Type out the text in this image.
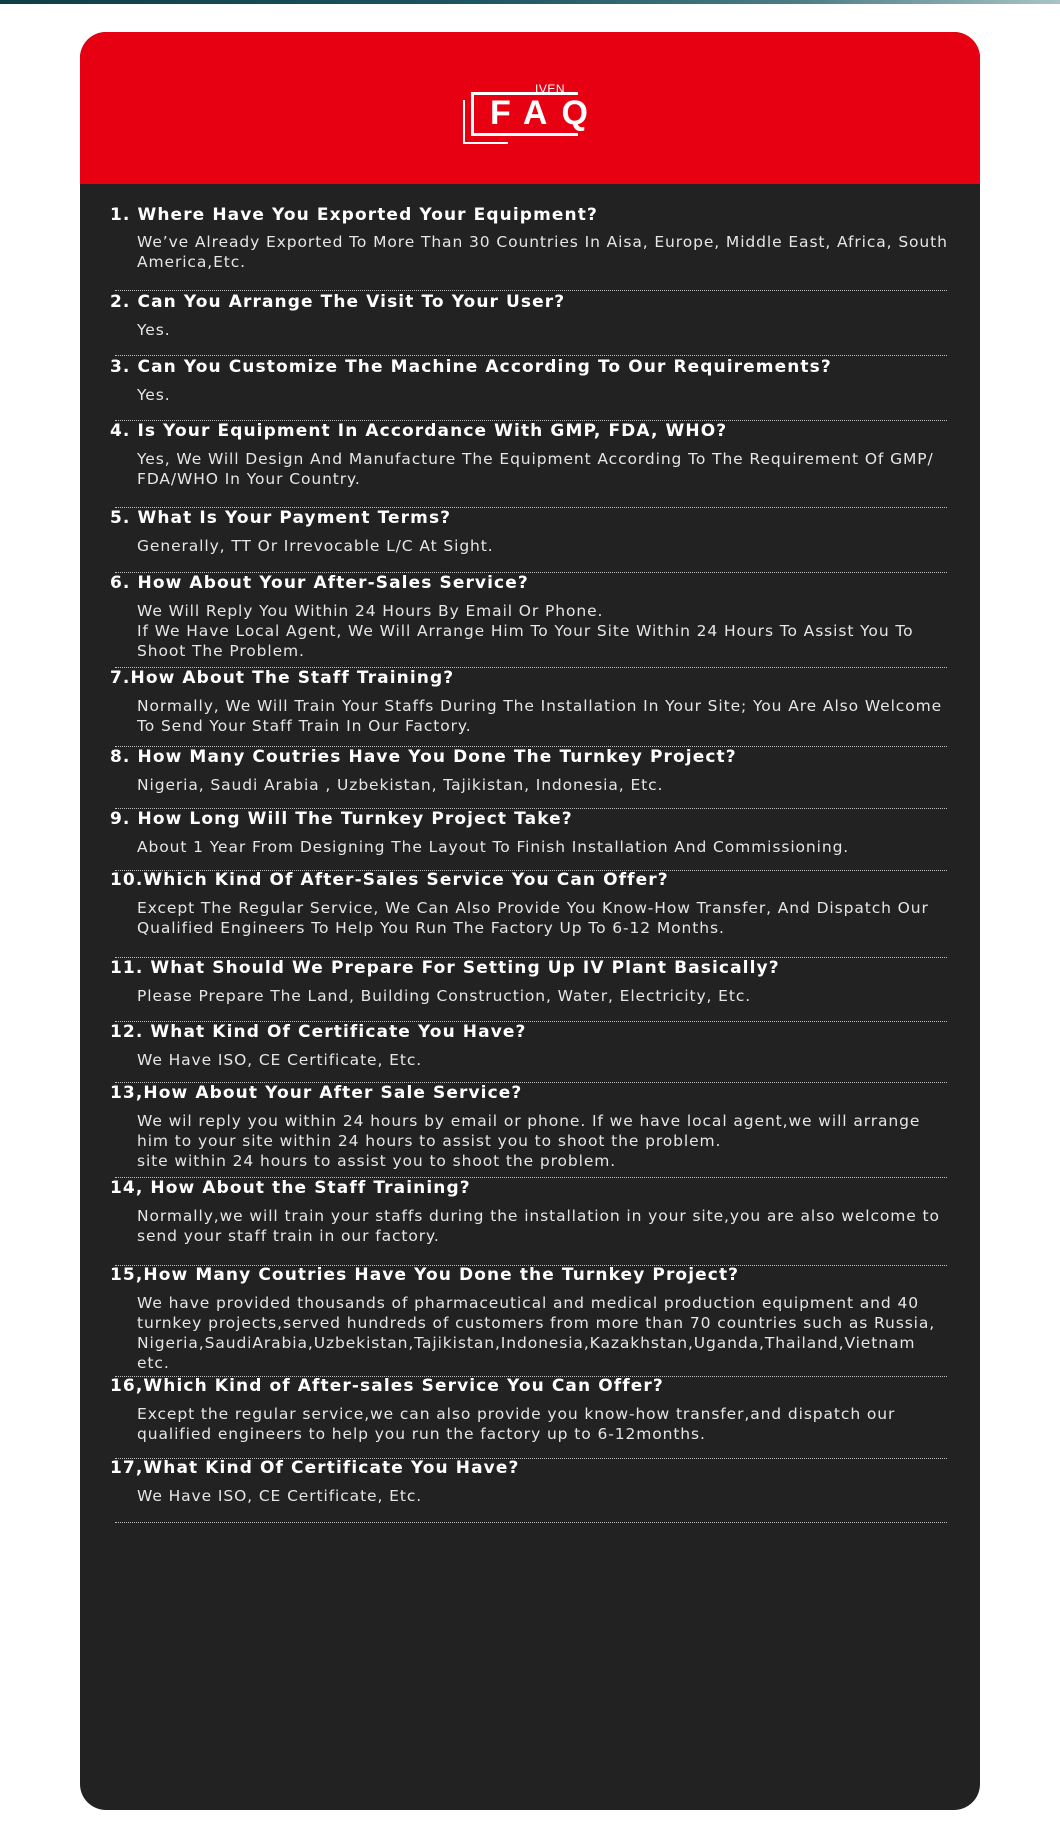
IVEN
FAQ
1. Where Have You Exported Your Equipment?
We’ve Already Exported To More Than 30 Countries In Aisa, Europe, Middle East, Africa, South America,Etc.
2. Can You Arrange The Visit To Your User?
Yes.
3. Can You Customize The Machine According To Our Requirements?
Yes.
4. Is Your Equipment In Accordance With GMP, FDA, WHO?
Yes, We Will Design And Manufacture The Equipment According To The Requirement Of GMP/
FDA/WHO In Your Country.
5. What Is Your Payment Terms?
Generally, TT Or Irrevocable L/C At Sight.
6. How About Your After-Sales Service?
We Will Reply You Within 24 Hours By Email Or Phone.
If We Have Local Agent, We Will Arrange Him To Your Site Within 24 Hours To Assist You To Shoot The Problem.
7.How About The Staff Training?
Normally, We Will Train Your Staffs During The Installation In Your Site; You Are Also Welcome To Send Your Staff Train In Our Factory.
8. How Many Coutries Have You Done The Turnkey Project?
Nigeria, Saudi Arabia , Uzbekistan, Tajikistan, Indonesia, Etc.
9. How Long Will The Turnkey Project Take?
About 1 Year From Designing The Layout To Finish Installation And Commissioning.
10.Which Kind Of After-Sales Service You Can Offer?
Except The Regular Service, We Can Also Provide You Know-How Transfer, And Dispatch Our Qualified Engineers To Help You Run The Factory Up To 6-12 Months.
11. What Should We Prepare For Setting Up IV Plant Basically?
Please Prepare The Land, Building Construction, Water, Electricity, Etc.
12. What Kind Of Certificate You Have?
We Have ISO, CE Certificate, Etc.
13,How About Your After Sale Service?
We wil reply you within 24 hours by email or phone. If we have local agent,we will arrange him to your site within 24 hours to assist you to shoot the problem.
site within 24 hours to assist you to shoot the problem.
14, How About the Staff Training?
Normally,we will train your staffs during the installation in your site,you are also welcome to send your staff train in our factory.
15,How Many Coutries Have You Done the Turnkey Project?
We have provided thousands of pharmaceutical and medical production equipment and 40 turnkey projects,served hundreds of customers from more than 70 countries such as Russia,
Nigeria,SaudiArabia,Uzbekistan,Tajikistan,Indonesia,Kazakhstan,Uganda,Thailand,Vietnam
etc.
16,Which Kind of After-sales Service You Can Offer?
Except the regular service,we can also provide you know-how transfer,and dispatch our qualified engineers to help you run the factory up to 6-12months.
17,What Kind Of Certificate You Have?
We Have ISO, CE Certificate, Etc.
